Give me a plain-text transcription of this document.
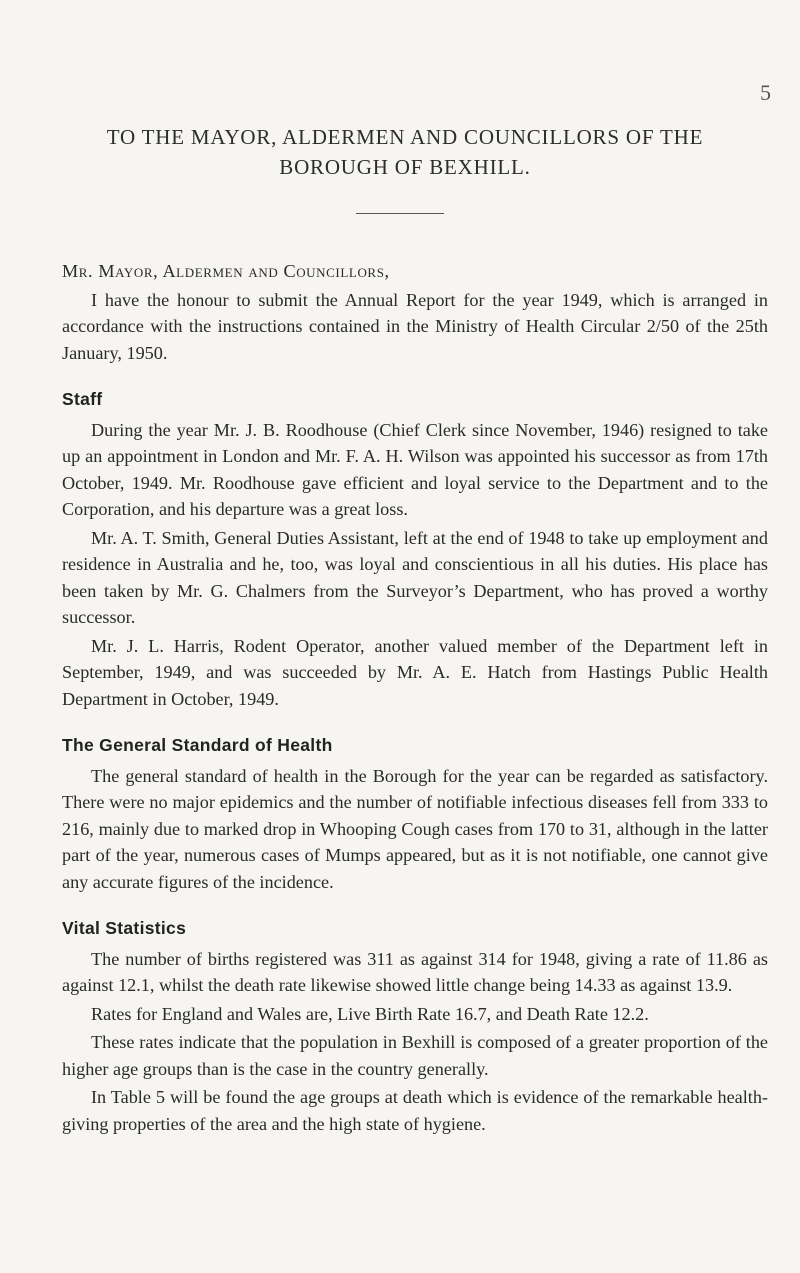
5
TO THE MAYOR, ALDERMEN AND COUNCILLORS OF THE
BOROUGH OF BEXHILL.
Mr. Mayor, Aldermen and Councillors,

I have the honour to submit the Annual Report for the year 1949, which is arranged in accordance with the instructions contained in the Ministry of Health Circular 2/50 of the 25th January, 1950.

Staff

During the year Mr. J. B. Roodhouse (Chief Clerk since November, 1946) resigned to take up an appointment in London and Mr. F. A. H. Wilson was appointed his successor as from 17th October, 1949. Mr. Roodhouse gave efficient and loyal service to the Department and to the Corporation, and his departure was a great loss.

Mr. A. T. Smith, General Duties Assistant, left at the end of 1948 to take up employment and residence in Australia and he, too, was loyal and conscientious in all his duties. His place has been taken by Mr. G. Chalmers from the Surveyor’s Department, who has proved a worthy successor.

Mr. J. L. Harris, Rodent Operator, another valued member of the Department left in September, 1949, and was succeeded by Mr. A. E. Hatch from Hastings Public Health Department in October, 1949.

The General Standard of Health

The general standard of health in the Borough for the year can be regarded as satisfactory. There were no major epidemics and the number of notifiable infectious diseases fell from 333 to 216, mainly due to marked drop in Whooping Cough cases from 170 to 31, although in the latter part of the year, numerous cases of Mumps appeared, but as it is not notifiable, one cannot give any accurate figures of the incidence.

Vital Statistics

The number of births registered was 311 as against 314 for 1948, giving a rate of 11.86 as against 12.1, whilst the death rate likewise showed little change being 14.33 as against 13.9.

Rates for England and Wales are, Live Birth Rate 16.7, and Death Rate 12.2.

These rates indicate that the population in Bexhill is composed of a greater proportion of the higher age groups than is the case in the country generally.

In Table 5 will be found the age groups at death which is evidence of the remarkable health-giving properties of the area and the high state of hygiene.
